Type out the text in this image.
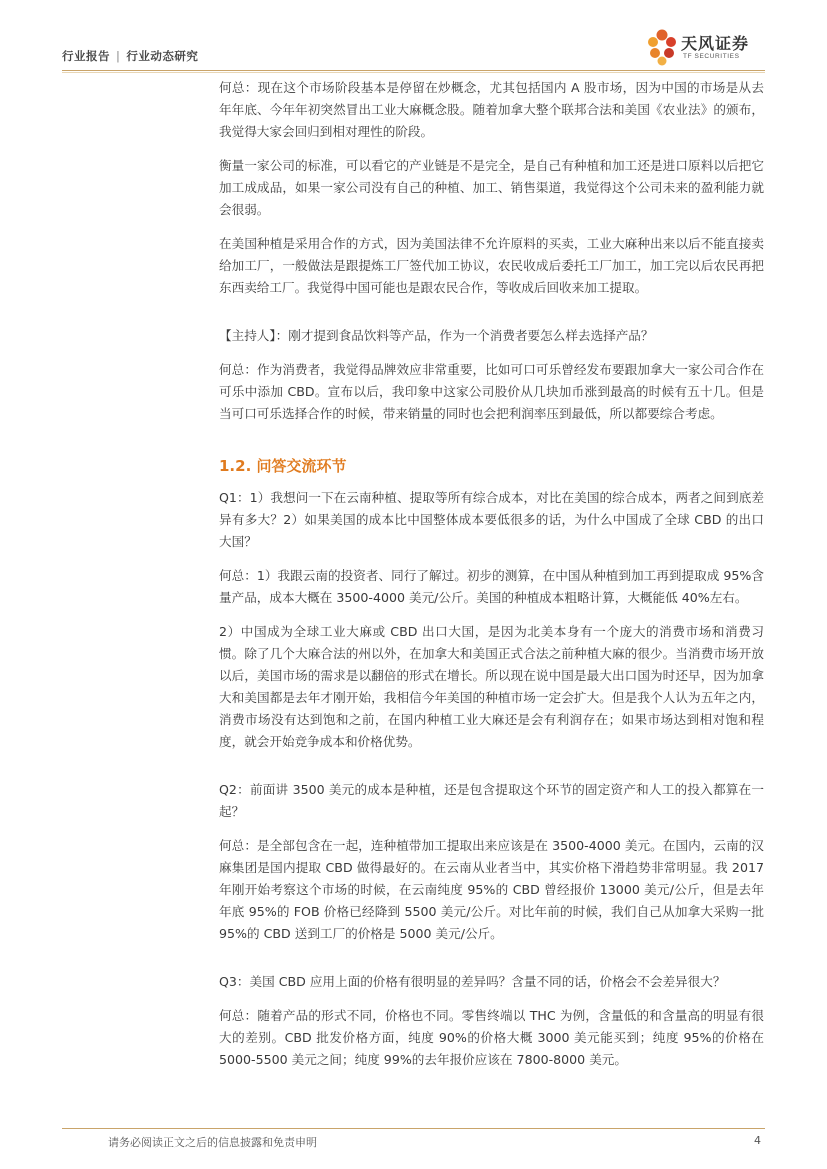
行业报告 | 行业动态研究
天风证券
TF SECURITIES

何总：现在这个市场阶段基本是停留在炒概念，尤其包括国内 A 股市场，因为中国的市场是从去年年底、今年年初突然冒出工业大麻概念股。随着加拿大整个联邦合法和美国《农业法》的颁布，我觉得大家会回归到相对理性的阶段。

衡量一家公司的标准，可以看它的产业链是不是完全，是自己有种植和加工还是进口原料以后把它加工成成品，如果一家公司没有自己的种植、加工、销售渠道，我觉得这个公司未来的盈利能力就会很弱。

在美国种植是采用合作的方式，因为美国法律不允许原料的买卖，工业大麻种出来以后不能直接卖给加工厂，一般做法是跟提炼工厂签代加工协议，农民收成后委托工厂加工，加工完以后农民再把东西卖给工厂。我觉得中国可能也是跟农民合作，等收成后回收来加工提取。

【主持人】：刚才提到食品饮料等产品，作为一个消费者要怎么样去选择产品？

何总：作为消费者，我觉得品牌效应非常重要，比如可口可乐曾经发布要跟加拿大一家公司合作在可乐中添加 CBD。宣布以后，我印象中这家公司股价从几块加币涨到最高的时候有五十几。但是当可口可乐选择合作的时候，带来销量的同时也会把利润率压到最低，所以都要综合考虑。

1.2. 问答交流环节

Q1：1）我想问一下在云南种植、提取等所有综合成本，对比在美国的综合成本，两者之间到底差异有多大？2）如果美国的成本比中国整体成本要低很多的话，为什么中国成了全球 CBD 的出口大国？

何总：1）我跟云南的投资者、同行了解过。初步的测算，在中国从种植到加工再到提取成 95%含量产品，成本大概在 3500-4000 美元/公斤。美国的种植成本粗略计算，大概能低 40%左右。

2）中国成为全球工业大麻或 CBD 出口大国，是因为北美本身有一个庞大的消费市场和消费习惯。除了几个大麻合法的州以外，在加拿大和美国正式合法之前种植大麻的很少。当消费市场开放以后，美国市场的需求是以翻倍的形式在增长。所以现在说中国是最大出口国为时还早，因为加拿大和美国都是去年才刚开始，我相信今年美国的种植市场一定会扩大。但是我个人认为五年之内，消费市场没有达到饱和之前，在国内种植工业大麻还是会有利润存在；如果市场达到相对饱和程度，就会开始竞争成本和价格优势。

Q2：前面讲 3500 美元的成本是种植，还是包含提取这个环节的固定资产和人工的投入都算在一起？

何总：是全部包含在一起，连种植带加工提取出来应该是在 3500-4000 美元。在国内，云南的汉麻集团是国内提取 CBD 做得最好的。在云南从业者当中，其实价格下滑趋势非常明显。我 2017 年刚开始考察这个市场的时候，在云南纯度 95%的 CBD 曾经报价 13000 美元/公斤，但是去年年底 95%的 FOB 价格已经降到 5500 美元/公斤。对比年前的时候，我们自己从加拿大采购一批 95%的 CBD 送到工厂的价格是 5000 美元/公斤。

Q3：美国 CBD 应用上面的价格有很明显的差异吗？含量不同的话，价格会不会差异很大？

何总：随着产品的形式不同，价格也不同。零售终端以 THC 为例，含量低的和含量高的明显有很大的差别。CBD 批发价格方面，纯度 90%的价格大概 3000 美元能买到；纯度 95%的价格在 5000-5500 美元之间；纯度 99%的去年报价应该在 7800-8000 美元。

请务必阅读正文之后的信息披露和免责申明	4
